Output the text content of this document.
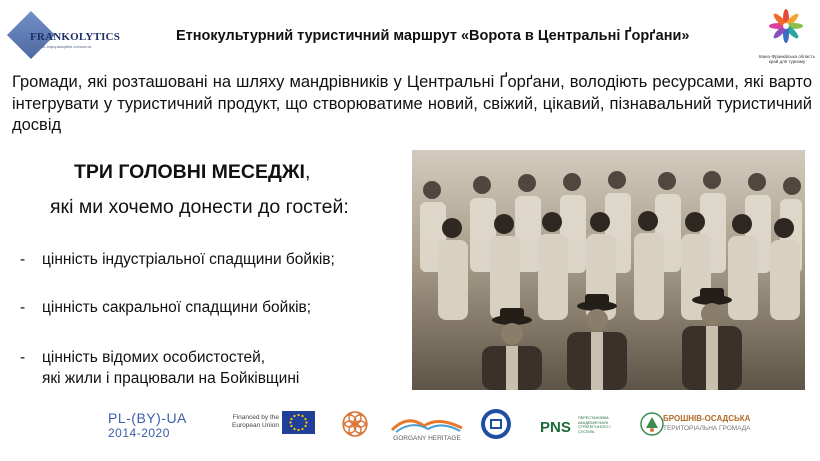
FRANKOLYTICS
Науково-інформаційна спільнота
Етнокультурний туристичний маршрут «Ворота в Центральні Ґорґани»
Івано-Франківська область край для туризму
Громади, які розташовані на шляху мандрівників у Центральні Ґорґани, володіють ресурсами, які варто інтегрувати у туристичний продукт, що створюватиме новий, свіжий, цікавий, пізнавальний туристичний досвід
ТРИ ГОЛОВНІ МЕСЕДЖІ,
які ми хочемо донести до гостей:
- цінність індустріальної спадщини бойків;
- цінність сакральної спадщини бойків;
- цінність відомих особистостей,
які жили і працювали на Бойківщині
PL-(BY)-UA
2014-2020
Financed by the European Union
GORGANY HERITAGE
PNS
ПЕРЕСТАНОВКА АКАДЕМІЯ НАУК СТРАТЕГІЧНОГО І СУСПІЛЬ
БРОШНІВ-ОСАДСЬКА
ТЕРИТОРІАЛЬНА ГРОМАДА
